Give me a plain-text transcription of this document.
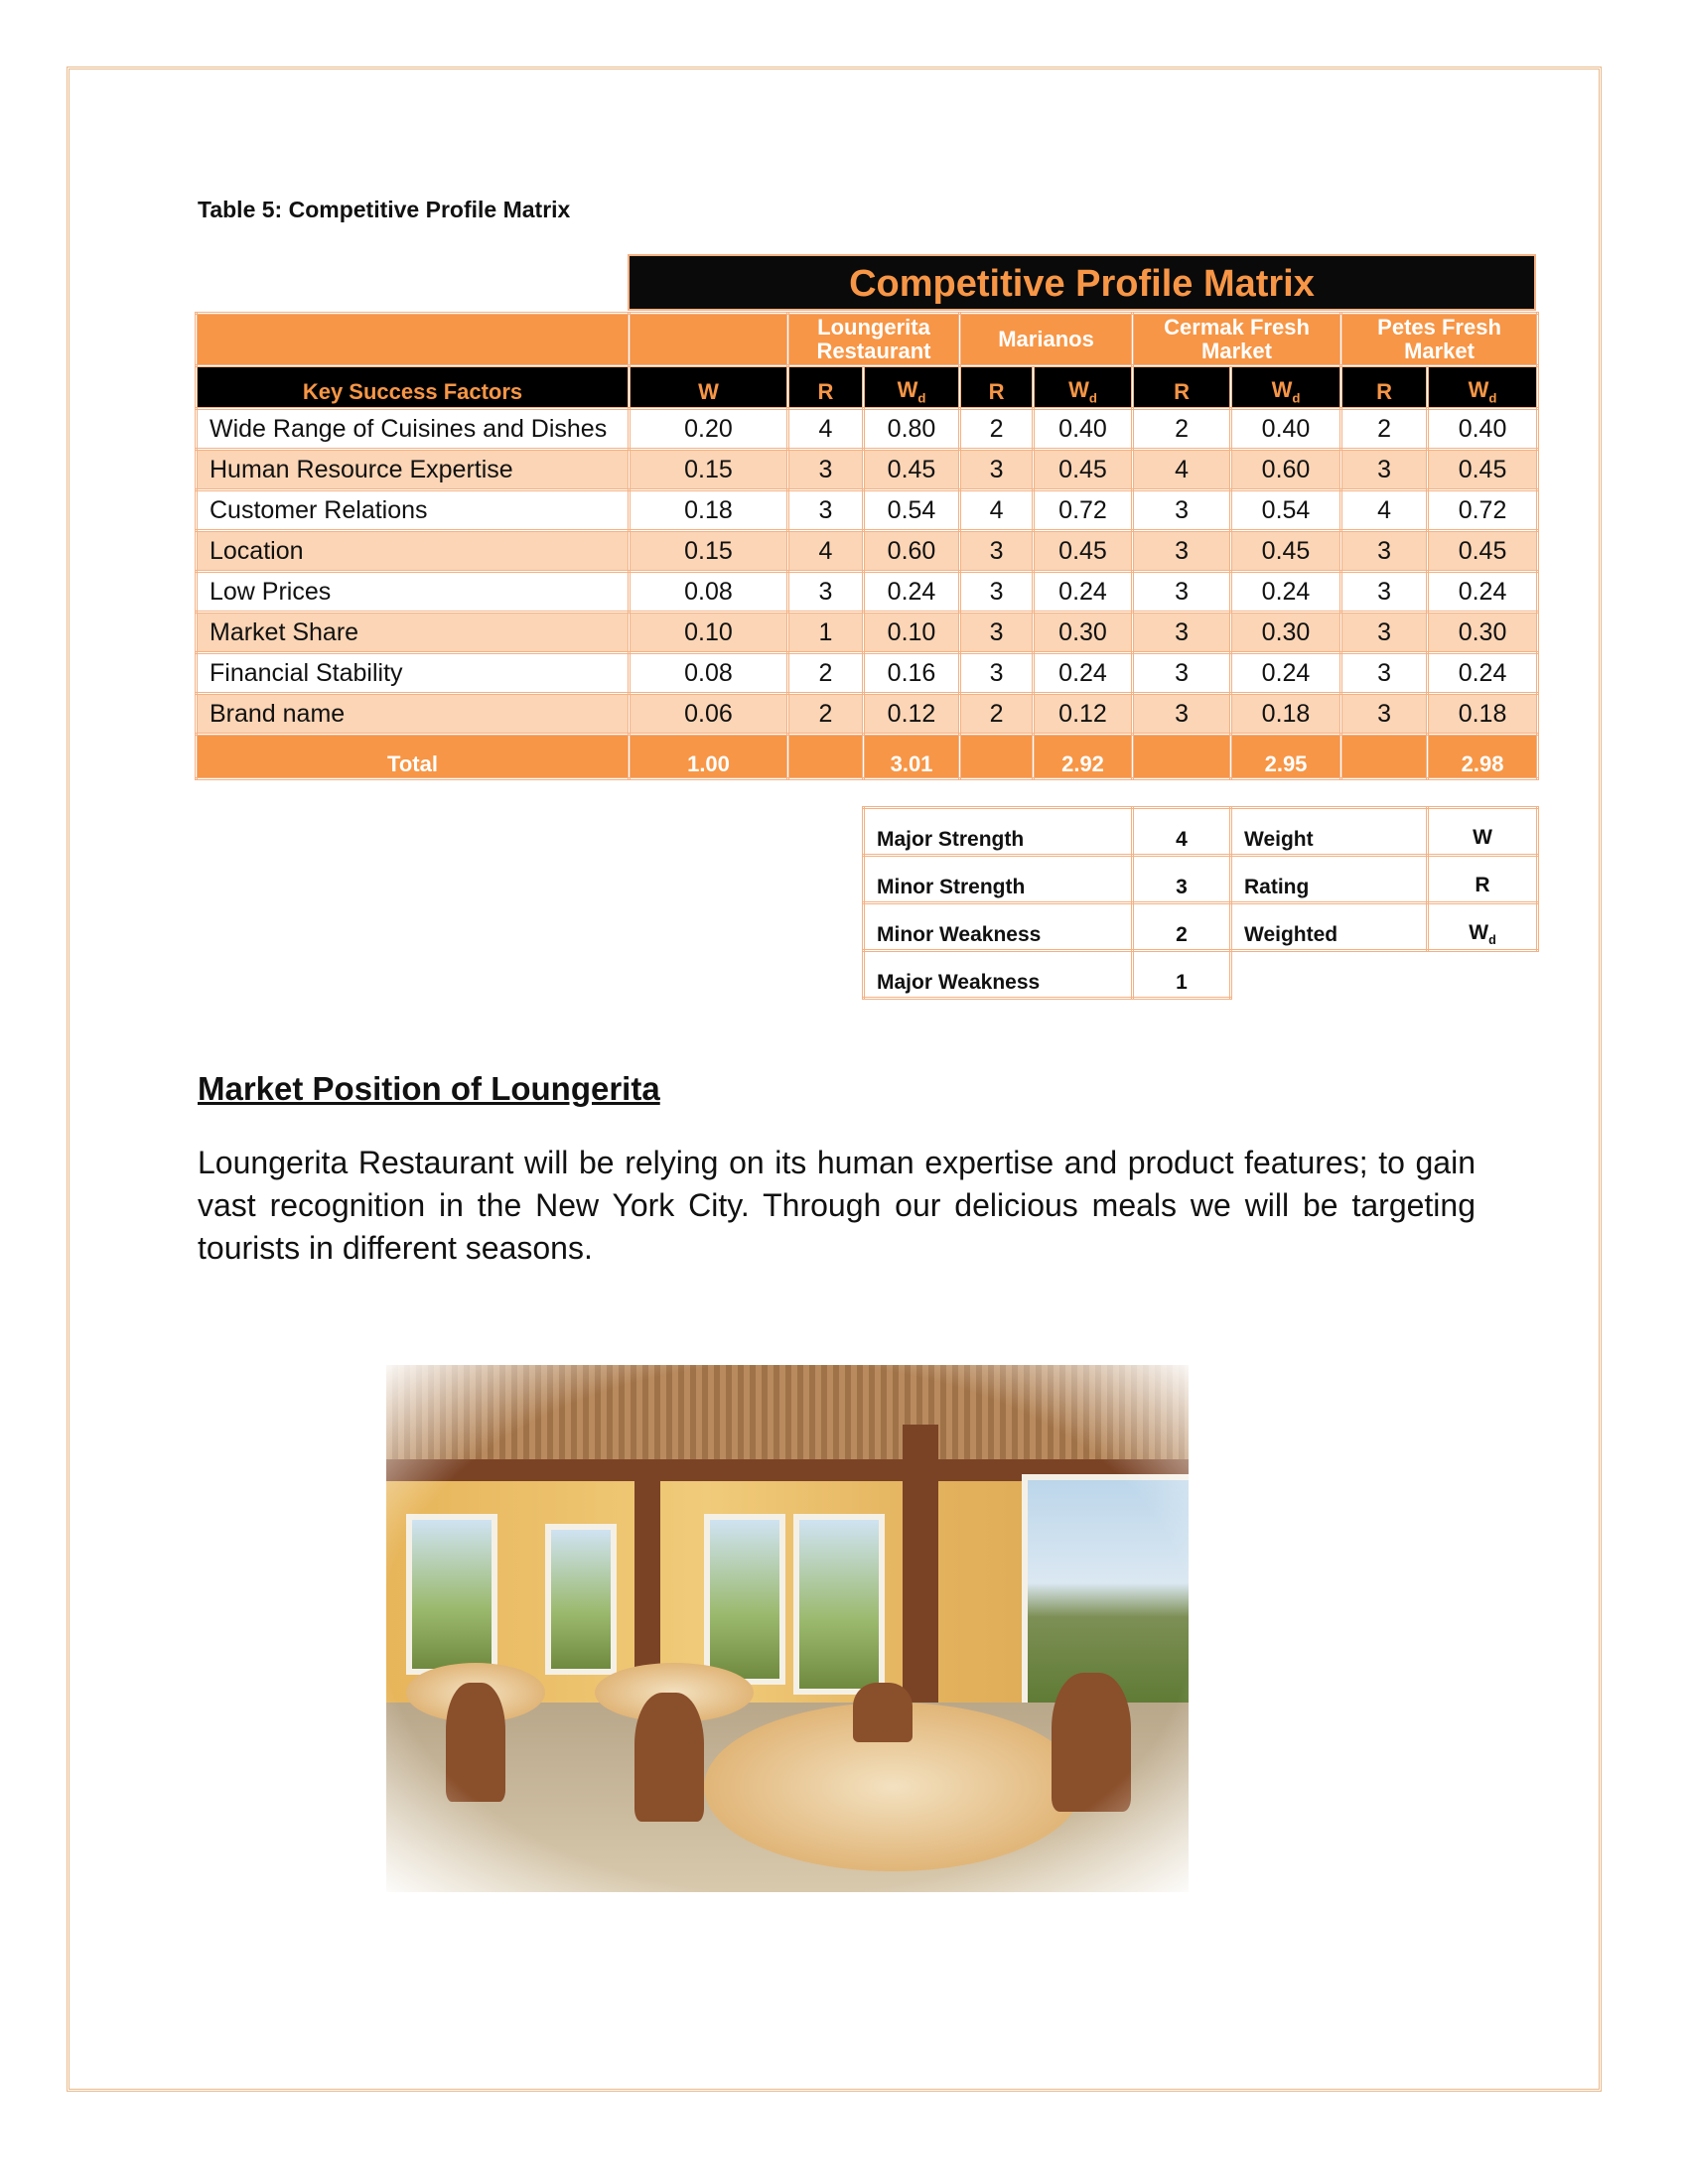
Table 5: Competitive Profile Matrix
Competitive Profile Matrix
		Loungerita Restaurant		Marianos		Cermak Fresh Market		Petes Fresh Market	
Key Success Factors	W	R	$W_d$	R	$W_d$	R	$W_d$	R	$W_d$
Wide Range of Cuisines and Dishes	0.20	4	0.80	2	0.40	2	0.40	2	0.40
Human Resource Expertise	0.15	3	0.45	3	0.45	4	0.60	3	0.45
Customer Relations	0.18	3	0.54	4	0.72	3	0.54	4	0.72
Location	0.15	4	0.60	3	0.45	3	0.45	3	0.45
Low Prices	0.08	3	0.24	3	0.24	3	0.24	3	0.24
Market Share	0.10	1	0.10	3	0.30	3	0.30	3	0.30
Financial Stability	0.08	2	0.16	3	0.24	3	0.24	3	0.24
Brand name	0.06	2	0.12	2	0.12	3	0.18	3	0.18
Total	1.00		3.01		2.92		2.95		2.98
Major Strength	4	Weight	W
Minor Strength	3	Rating	R
Minor Weakness	2	Weighted	$W_d$
Major Weakness	1		
Market Position of Loungerita
Loungerita Restaurant will be relying on its human expertise and product features; to gain vast recognition in the New York City. Through our delicious meals we will be targeting tourists in different seasons.
